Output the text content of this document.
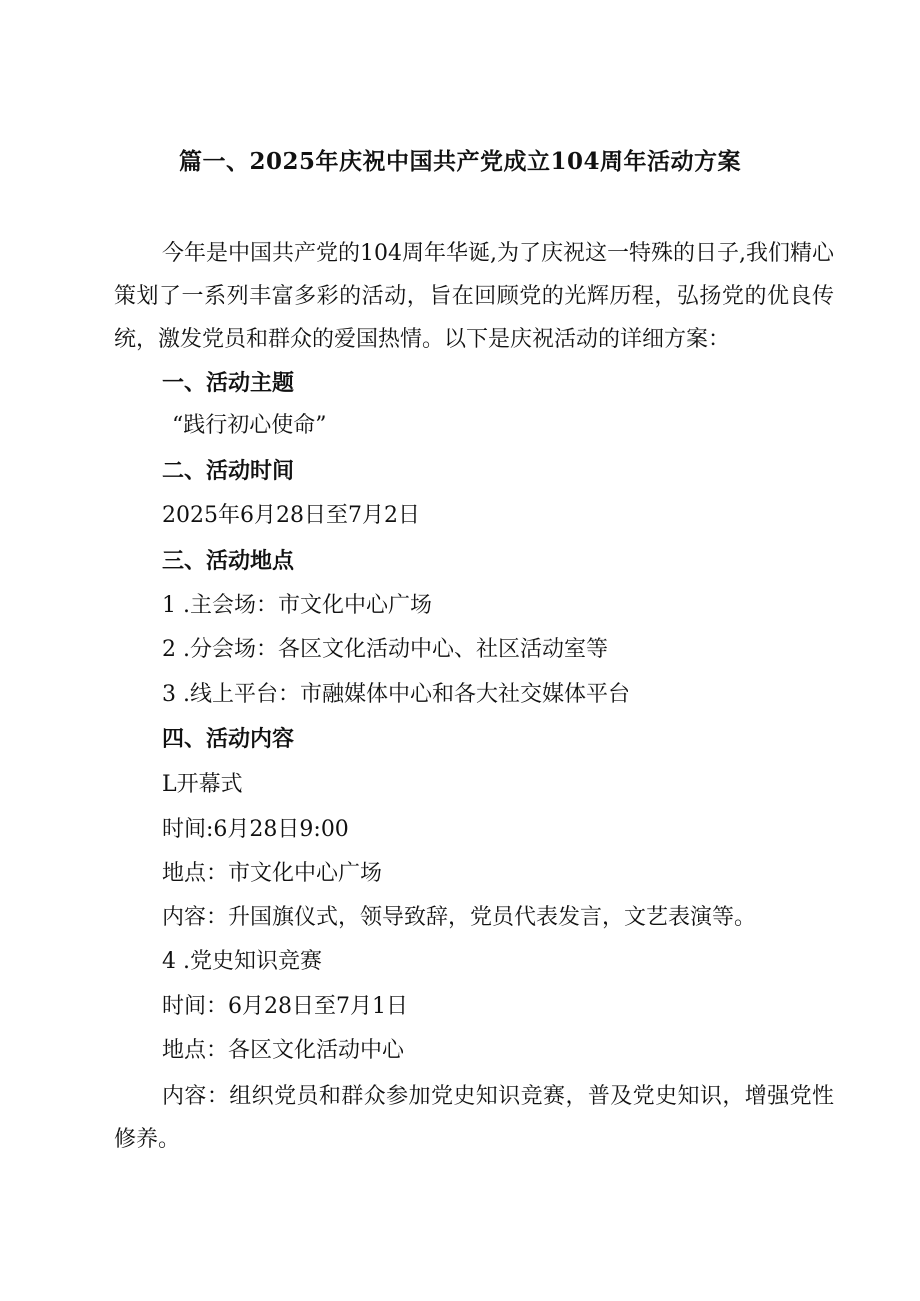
篇一、2025年庆祝中国共产党成立104周年活动方案

今年是中国共产党的104周年华诞,为了庆祝这一特殊的日子,我们精心策划了一系列丰富多彩的活动，旨在回顾党的光辉历程，弘扬党的优良传统，激发党员和群众的爱国热情。以下是庆祝活动的详细方案：

一、活动主题

“践行初心使命”

二、活动时间

2025年6月28日至7月2日

三、活动地点

1 .主会场：市文化中心广场

2 .分会场：各区文化活动中心、社区活动室等

3 .线上平台：市融媒体中心和各大社交媒体平台

四、活动内容

L开幕式

时间:6月28日9:00

地点：市文化中心广场

内容：升国旗仪式，领导致辞，党员代表发言，文艺表演等。

4 .党史知识竞赛

时间：6月28日至7月1日

地点：各区文化活动中心

内容：组织党员和群众参加党史知识竞赛，普及党史知识，增强党性修养。
